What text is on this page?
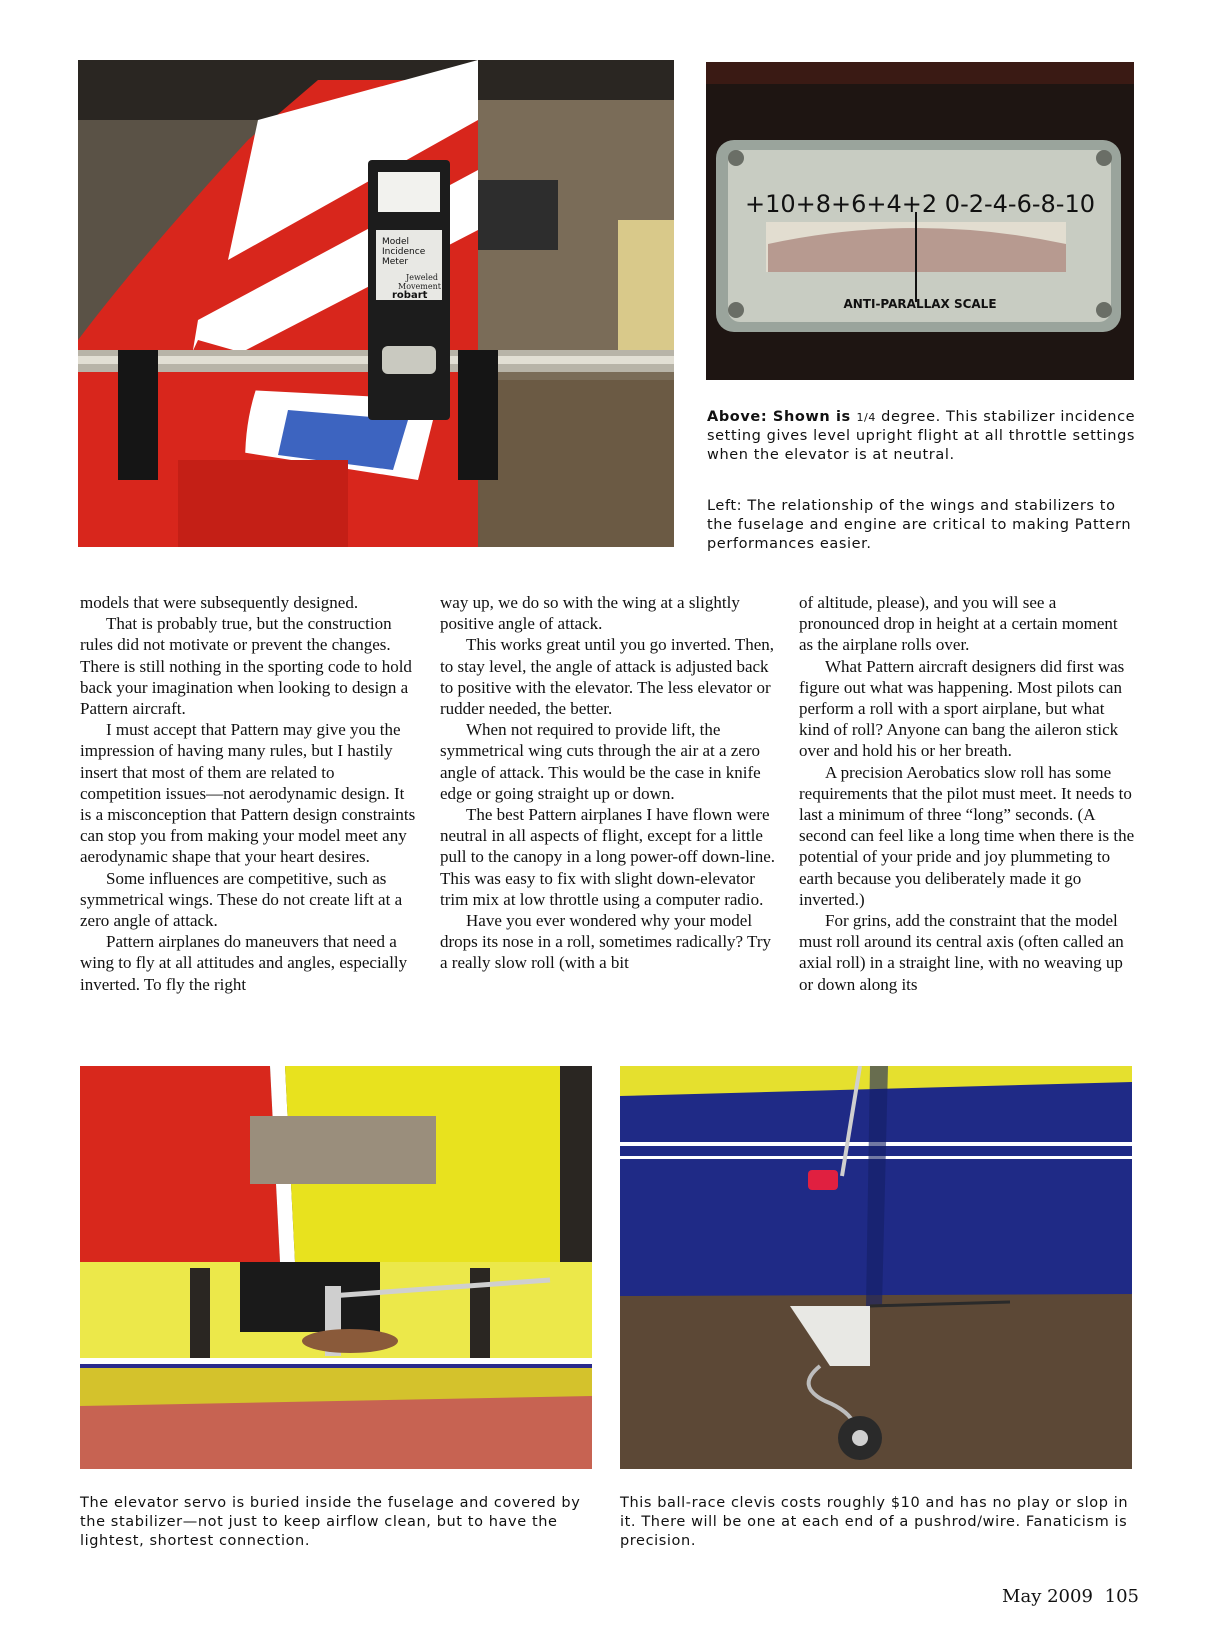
Model
Incidence
Meter
Jeweled
Movement
robart
+10+8+6+4+2 0-2-4-6-8-10
ANTI-PARALLAX SCALE
Above: Shown is 1/4 degree. This stabilizer incidence setting gives level upright flight at all throttle settings when the elevator is at neutral.
Left: The relationship of the wings and stabilizers to the fuselage and engine are critical to making Pattern performances easier.

models that were subsequently designed.

That is probably true, but the construction rules did not motivate or prevent the changes. There is still nothing in the sporting code to hold back your imagination when looking to design a Pattern aircraft.

I must accept that Pattern may give you the impression of having many rules, but I hastily insert that most of them are related to competition issues—not aerodynamic design. It is a misconception that Pattern design constraints can stop you from making your model meet any aerodynamic shape that your heart desires.

Some influences are competitive, such as symmetrical wings. These do not create lift at a zero angle of attack.

Pattern airplanes do maneuvers that need a wing to fly at all attitudes and angles, especially inverted. To fly the right

way up, we do so with the wing at a slightly positive angle of attack.

This works great until you go inverted. Then, to stay level, the angle of attack is adjusted back to positive with the elevator. The less elevator or rudder needed, the better.

When not required to provide lift, the symmetrical wing cuts through the air at a zero angle of attack. This would be the case in knife edge or going straight up or down.

The best Pattern airplanes I have flown were neutral in all aspects of flight, except for a little pull to the canopy in a long power-off down-line. This was easy to fix with slight down-elevator trim mix at low throttle using a computer radio.

Have you ever wondered why your model drops its nose in a roll, sometimes radically? Try a really slow roll (with a bit

of altitude, please), and you will see a pronounced drop in height at a certain moment as the airplane rolls over.

What Pattern aircraft designers did first was figure out what was happening. Most pilots can perform a roll with a sport airplane, but what kind of roll? Anyone can bang the aileron stick over and hold his or her breath.

A precision Aerobatics slow roll has some requirements that the pilot must meet. It needs to last a minimum of three “long” seconds. (A second can feel like a long time when there is the potential of your pride and joy plummeting to earth because you deliberately made it go inverted.)

For grins, add the constraint that the model must roll around its central axis (often called an axial roll) in a straight line, with no weaving up or down along its

The elevator servo is buried inside the fuselage and covered by the stabilizer—not just to keep airflow clean, but to have the lightest, shortest connection.
This ball-race clevis costs roughly $10 and has no play or slop in it. There will be one at each end of a pushrod/wire. Fanaticism is precision.
May 2009 105
